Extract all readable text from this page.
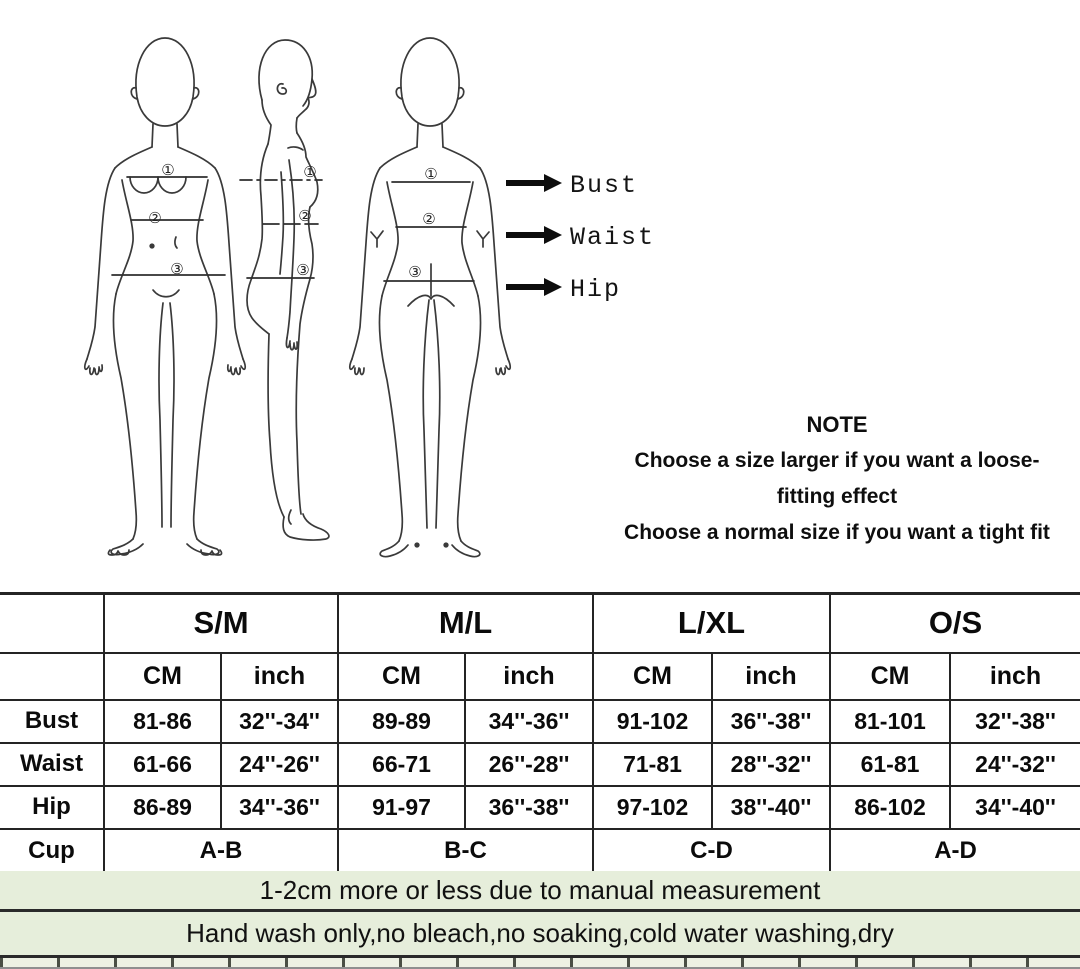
①
②
③
①
②
③
①
②
③
Bust
Waist
Hip
NOTE
Choose a size larger if you want a loose-
fitting effect
Choose a normal size if you want a tight fit
	S/M		M/L		L/XL		O/S	
	CM	inch	CM	inch	CM	inch	CM	inch
Bust	81-86	32''-34''	89-89	34''-36''	91-102	36''-38''	81-101	32''-38''
Waist	61-66	24''-26''	66-71	26''-28''	71-81	28''-32''	61-81	24''-32''
Hip	86-89	34''-36''	91-97	36''-38''	97-102	38''-40''	86-102	34''-40''
Cup	A-B		B-C		C-D		A-D	
1-2cm more or less due to manual measurement
Hand wash only,no bleach,no soaking,cold water washing,dry
